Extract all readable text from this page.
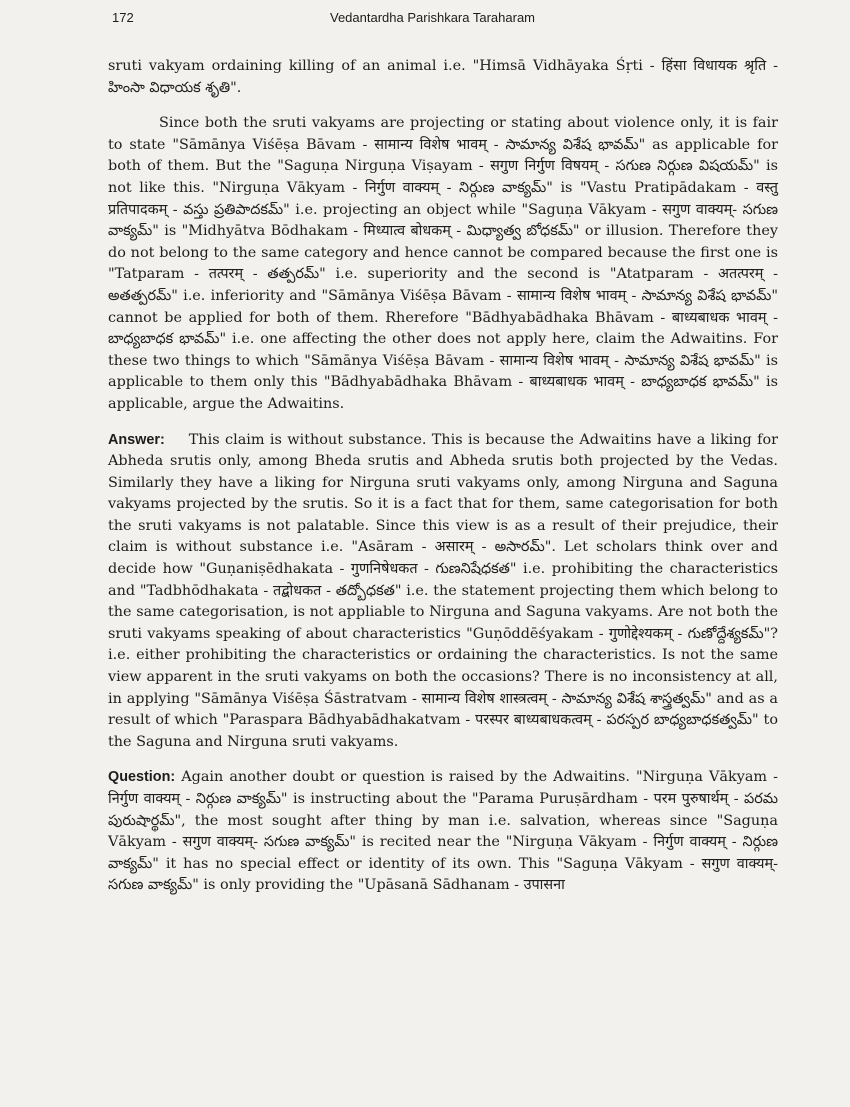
172	Vedantardha Parishkara Taraharam

sruti vakyam ordaining killing of an animal i.e. "Himsā Vidhāyaka Śṛti - हिंसा विधायक श्रृति - హింసా విధాయక శృతి".

Since both the sruti vakyams are projecting or stating about violence only, it is fair to state "Sāmānya Viśēṣa Bāvam - सामान्य विशेष भावम् - సామాన్య విశేష భావమ్" as applicable for both of them. But the "Saguṇa Nirguṇa Viṣayam - सगुण निर्गुण विषयम् - సగుణ నిర్గుణ విషయమ్" is not like this. "Nirguṇa Vākyam - निर्गुण वाक्यम् - నిర్గుణ వాక్యమ్" is "Vastu Pratipādakam - वस्तु प्रतिपादकम् - వస్తు ప్రతిపాదకమ్" i.e. projecting an object while "Saguṇa Vākyam - सगुण वाक्यम्- సగుణ వాక్యమ్" is "Midhyātva Bōdhakam - मिध्यात्व बोधकम् - మిధ్యాత్వ బోధకమ్" or illusion. Therefore they do not belong to the same category and hence cannot be compared because the first one is "Tatparam - तत्परम् - తత్పరమ్" i.e. superiority and the second is "Atatparam - अतत्परम् - అతత్పరమ్" i.e. inferiority and "Sāmānya Viśēṣa Bāvam - सामान्य विशेष भावम् - సామాన్య విశేష భావమ్" cannot be applied for both of them. Rherefore "Bādhyabādhaka Bhāvam - बाध्यबाधक भावम् - బాధ్యబాధక భావమ్" i.e. one affecting the other does not apply here, claim the Adwaitins. For these two things to which "Sāmānya Viśēṣa Bāvam - सामान्य विशेष भावम् - సామాన్య విశేష భావమ్" is applicable to them only this "Bādhyabādhaka Bhāvam - बाध्यबाधक भावम् - బాధ్యబాధక భావమ్" is applicable, argue the Adwaitins.

Answer: This claim is without substance. This is because the Adwaitins have a liking for Abheda srutis only, among Bheda srutis and Abheda srutis both projected by the Vedas. Similarly they have a liking for Nirguna sruti vakyams only, among Nirguna and Saguna vakyams projected by the srutis. So it is a fact that for them, same categorisation for both the sruti vakyams is not palatable. Since this view is as a result of their prejudice, their claim is without substance i.e. "Asāram - असारम् - అసారమ్". Let scholars think over and decide how "Guṇaniṣēdhakata - गुणनिषेधकत - గుణనిషేధకత" i.e. prohibiting the characteristics and "Tadbhōdhakata - तद्बोधकत - తద్బోధకత" i.e. the statement projecting them which belong to the same categorisation, is not appliable to Nirguna and Saguna vakyams. Are not both the sruti vakyams speaking of about characteristics "Guṇōddēśyakam - गुणोद्देश्यकम् - గుణోద్దేశ్యకమ్"? i.e. either prohibiting the characteristics or ordaining the characteristics. Is not the same view apparent in the sruti vakyams on both the occasions? There is no inconsistency at all, in applying "Sāmānya Viśēṣa Śāstratvam - सामान्य विशेष शास्त्रत्वम् - సామాన్య విశేష శాస్త్రత్వమ్" and as a result of which "Paraspara Bādhyabādhakatvam - परस्पर बाध्यबाधकत्वम् - పరస్పర బాధ్యబాధకత్వమ్" to the Saguna and Nirguna sruti vakyams.

Question: Again another doubt or question is raised by the Adwaitins. "Nirguṇa Vākyam - निर्गुण वाक्यम् - నిర్గుణ వాక్యమ్" is instructing about the "Parama Puruṣārdham - परम पुरुषार्थम् - పరమ పురుషార్థమ్", the most sought after thing by man i.e. salvation, whereas since "Saguṇa Vākyam - सगुण वाक्यम्- సగుణ వాక్యమ్" is recited near the "Nirguṇa Vākyam - निर्गुण वाक्यम् - నిర్గుణ వాక్యమ్" it has no special effect or identity of its own. This "Saguṇa Vākyam - सगुण वाक्यम्- సగుణ వాక్యమ్" is only providing the "Upāsanā Sādhanam - उपासना
